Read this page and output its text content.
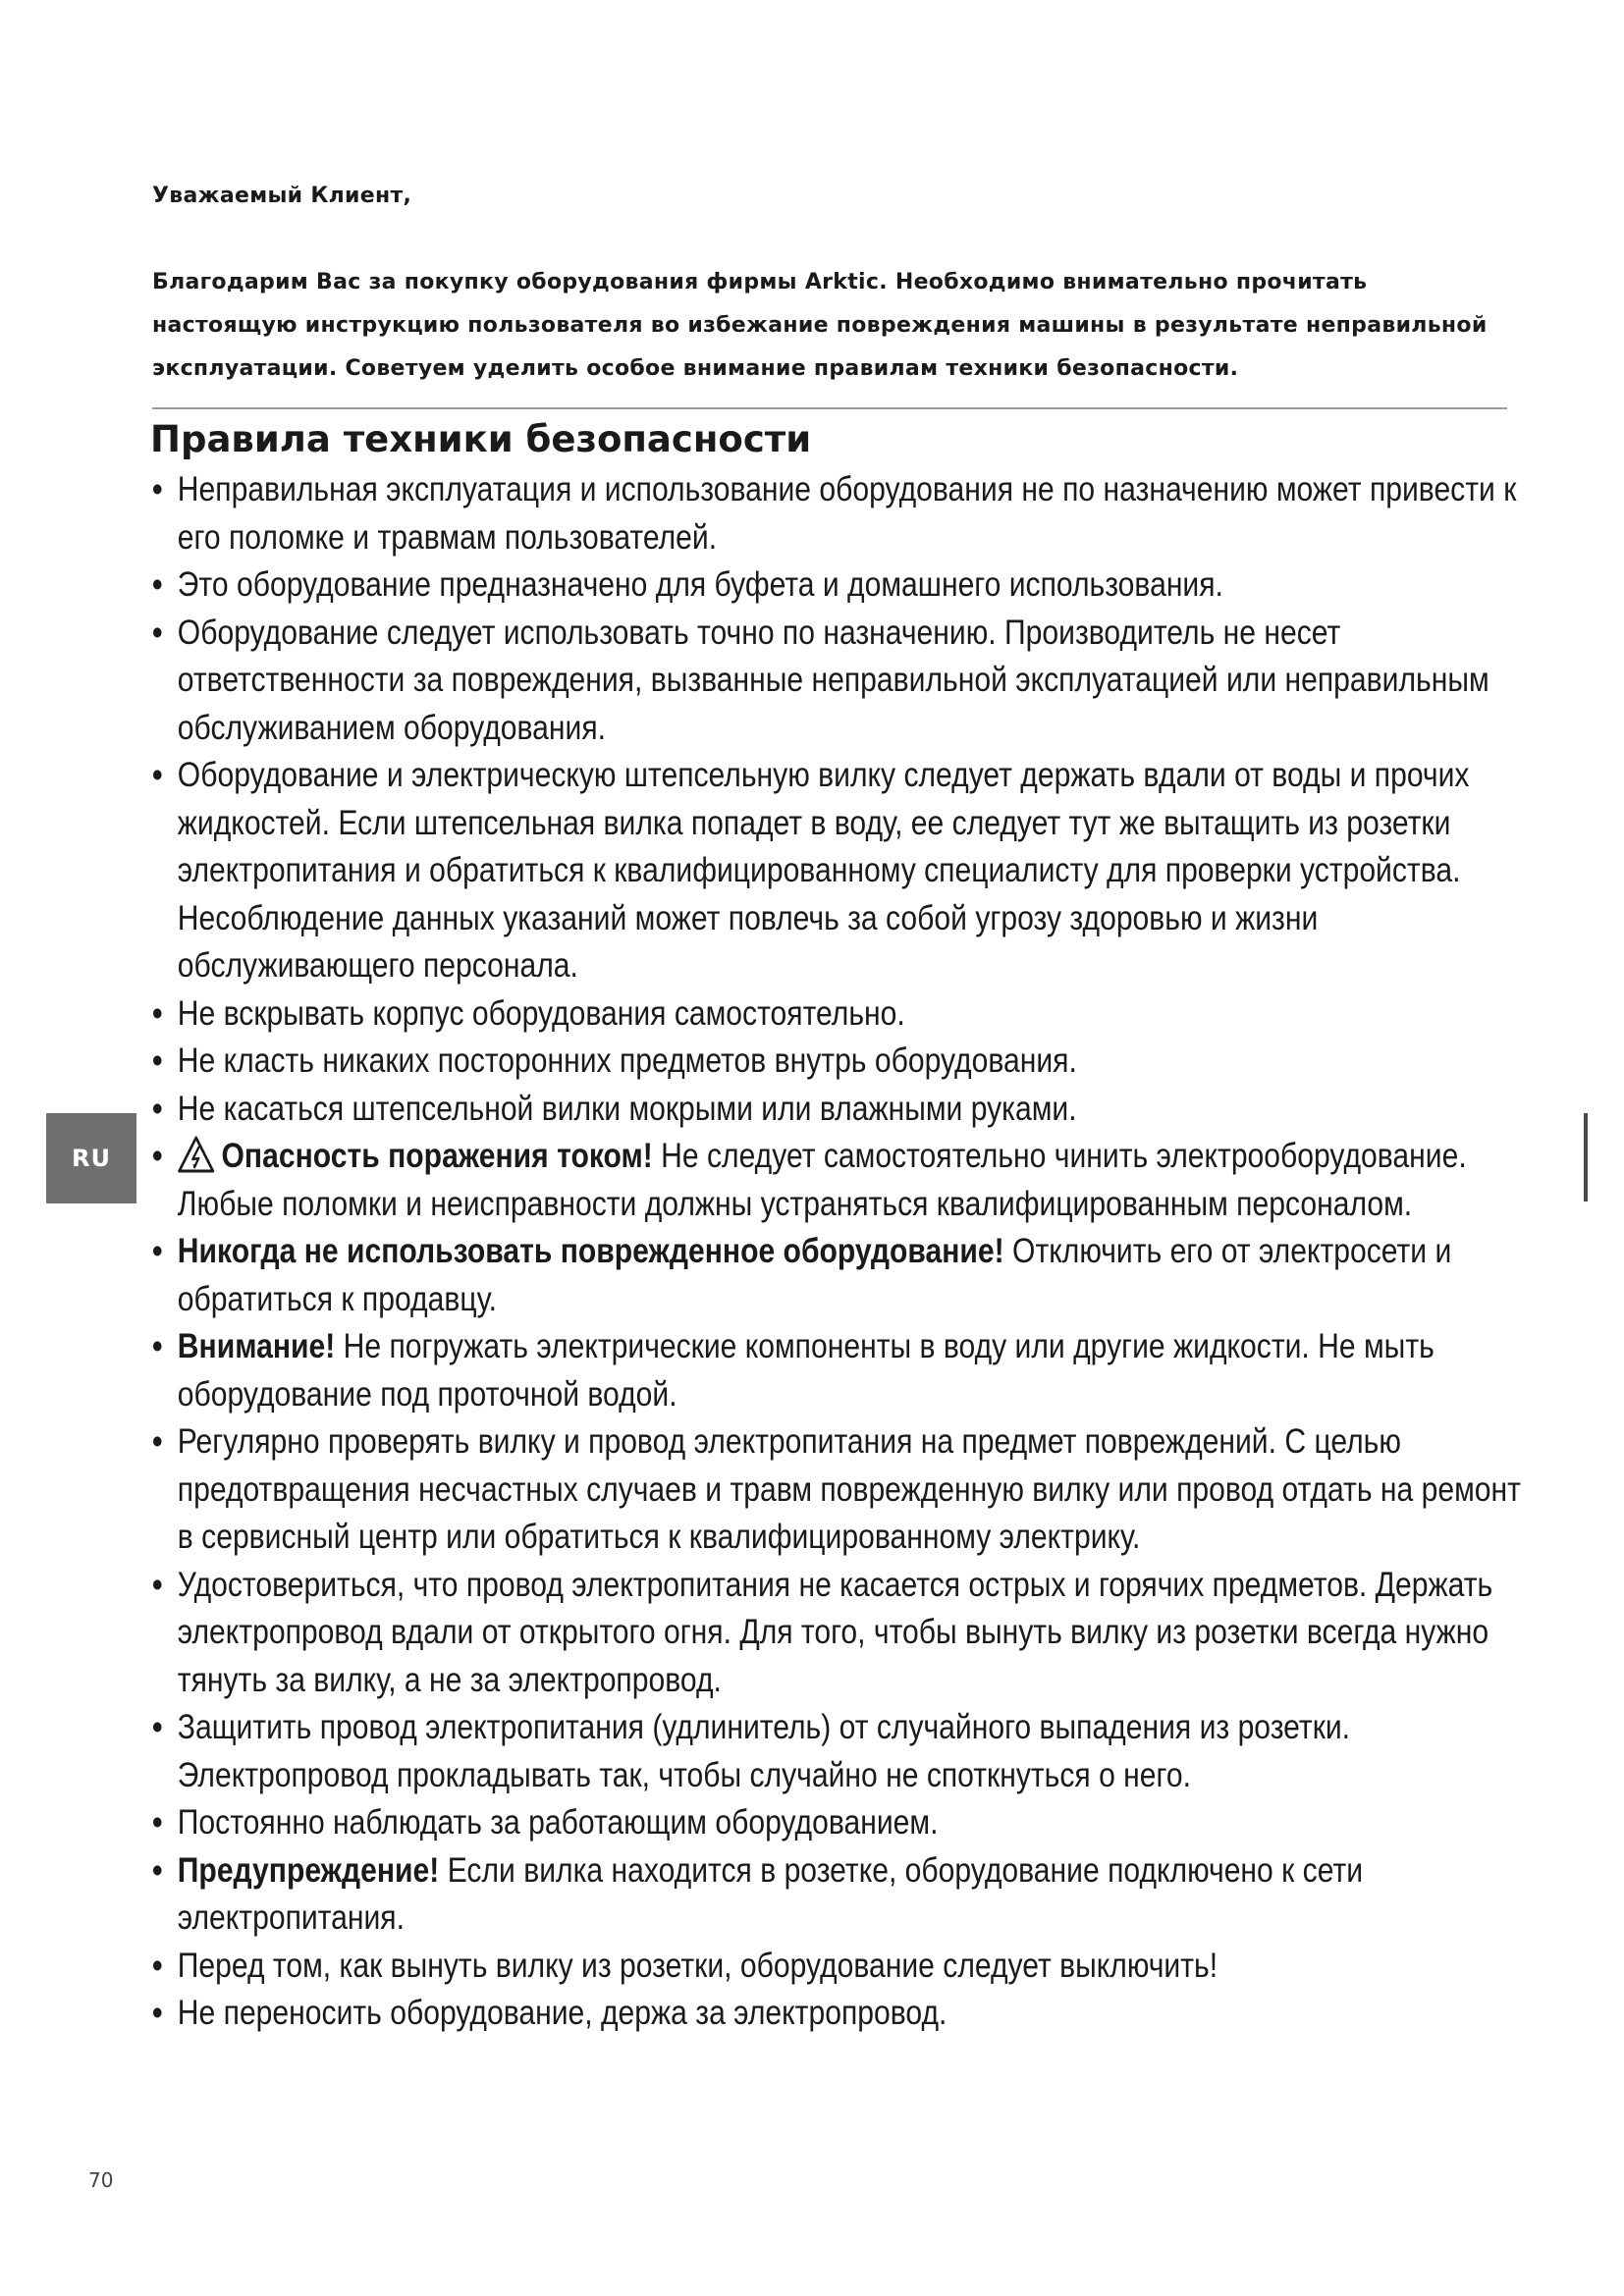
Уважаемый Клиент,

Благодарим Вас за покупку оборудования фирмы Arktic. Необходимо внимательно прочитать настоящую инструкцию пользователя во избежание повреждения машины в результате неправильной эксплуатации. Советуем уделить особое внимание правилам техники безопасности.

Правила техники безопасности
• Неправильная эксплуатация и использование оборудования не по назначению может привести к его поломке и травмам пользователей.
• Это оборудование предназначено для буфета и домашнего использования.
• Оборудование следует использовать точно по назначению. Производитель не несет ответственности за повреждения, вызванные неправильной эксплуатацией или неправильным обслуживанием оборудования.
• Оборудование и электрическую штепсельную вилку следует держать вдали от воды и прочих жидкостей. Если штепсельная вилка попадет в воду, ее следует тут же вытащить из розетки электропитания и обратиться к квалифицированному специалисту для проверки устройства. Несоблюдение данных указаний может повлечь за собой угрозу здоровью и жизни обслуживающего персонала.
• Не вскрывать корпус оборудования самостоятельно.
• Не класть никаких посторонних предметов внутрь оборудования.
• Не касаться штепсельной вилки мокрыми или влажными руками.
• Опасность поражения током! Не следует самостоятельно чинить электрооборудование. Любые поломки и неисправности должны устраняться квалифицированным персоналом.
• Никогда не использовать поврежденное оборудование! Отключить его от электросети и обратиться к продавцу.
• Внимание! Не погружать электрические компоненты в воду или другие жидкости. Не мыть оборудование под проточной водой.
• Регулярно проверять вилку и провод электропитания на предмет повреждений. С целью предотвращения несчастных случаев и травм поврежденную вилку или провод отдать на ремонт в сервисный центр или обратиться к квалифицированному электрику.
• Удостовериться, что провод электропитания не касается острых и горячих предметов. Держать электропровод вдали от открытого огня. Для того, чтобы вынуть вилку из розетки всегда нужно тянуть за вилку, а не за электропровод.
• Защитить провод электропитания (удлинитель) от случайного выпадения из розетки. Электропровод прокладывать так, чтобы случайно не споткнуться о него.
• Постоянно наблюдать за работающим оборудованием.
• Предупреждение! Если вилка находится в розетке, оборудование подключено к сети электропитания.
• Перед том, как вынуть вилку из розетки, оборудование следует выключить!
• Не переносить оборудование, держа за электропровод.
RU
70
